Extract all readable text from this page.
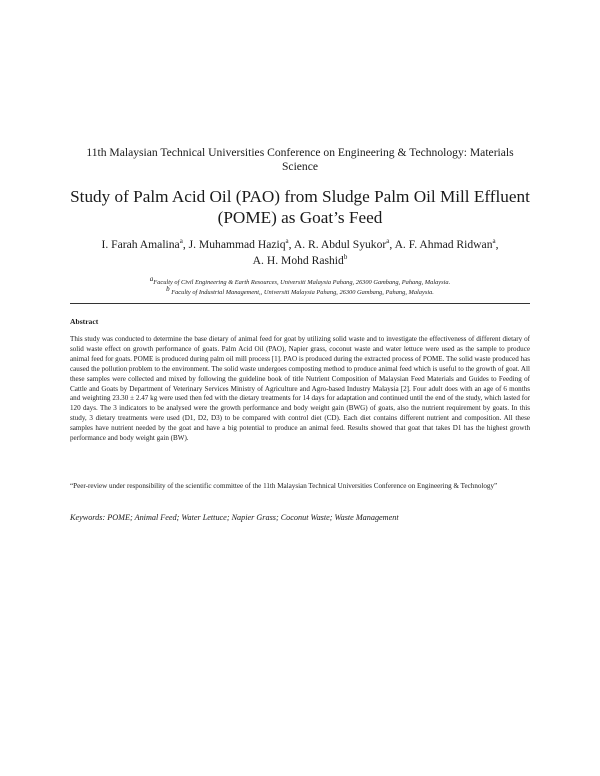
11th Malaysian Technical Universities Conference on Engineering & Technology: Materials Science
Study of Palm Acid Oil (PAO) from Sludge Palm Oil Mill Effluent (POME) as Goat’s Feed
I. Farah Amalina$^a$, J. Muhammad Haziq$^a$, A. R. Abdul Syukor$^a$, A. F. Ahmad Ridwan$^a$,
A. H. Mohd Rashid$^b$
$^a$Faculty of Civil Engineering & Earth Resources, Universiti Malaysia Pahang, 26300 Gambang, Pahang, Malaysia.
$^b$ Faculty of Industrial Management,, Universiti Malaysia Pahang, 26300 Gambang, Pahang, Malaysia.
Abstract
This study was conducted to determine the base dietary of animal feed for goat by utilizing solid waste and to investigate the effectiveness of different dietary of solid waste effect on growth performance of goats. Palm Acid Oil (PAO), Napier grass, coconut waste and water lettuce were used as the sample to produce animal feed for goats. POME is produced during palm oil mill process [1]. PAO is produced during the extracted process of POME. The solid waste produced has caused the pollution problem to the environment. The solid waste undergoes composting method to produce animal feed which is useful to the growth of goat. All these samples were collected and mixed by following the guideline book of title Nutrient Composition of Malaysian Feed Materials and Guides to Feeding of Cattle and Goats by Department of Veterinary Services Ministry of Agriculture and Agro-based Industry Malaysia [2]. Four adult does with an age of 6 months and weighting 23.30 ± 2.47 kg were used then fed with the dietary treatments for 14 days for adaptation and continued until the end of the study, which lasted for 120 days. The 3 indicators to be analysed were the growth performance and body weight gain (BWG) of goats, also the nutrient requirement by goats. In this study, 3 dietary treatments were used (D1, D2, D3) to be compared with control diet (CD). Each diet contains different nutrient and composition. All these samples have nutrient needed by the goat and have a big potential to produce an animal feed. Results showed that goat that takes D1 has the highest growth performance and body weight gain (BW).
“Peer-review under responsibility of the scientific committee of the 11th Malaysian Technical Universities Conference on Engineering & Technology”
Keywords: POME; Animal Feed; Water Lettuce; Napier Grass; Coconut Waste; Waste Management
